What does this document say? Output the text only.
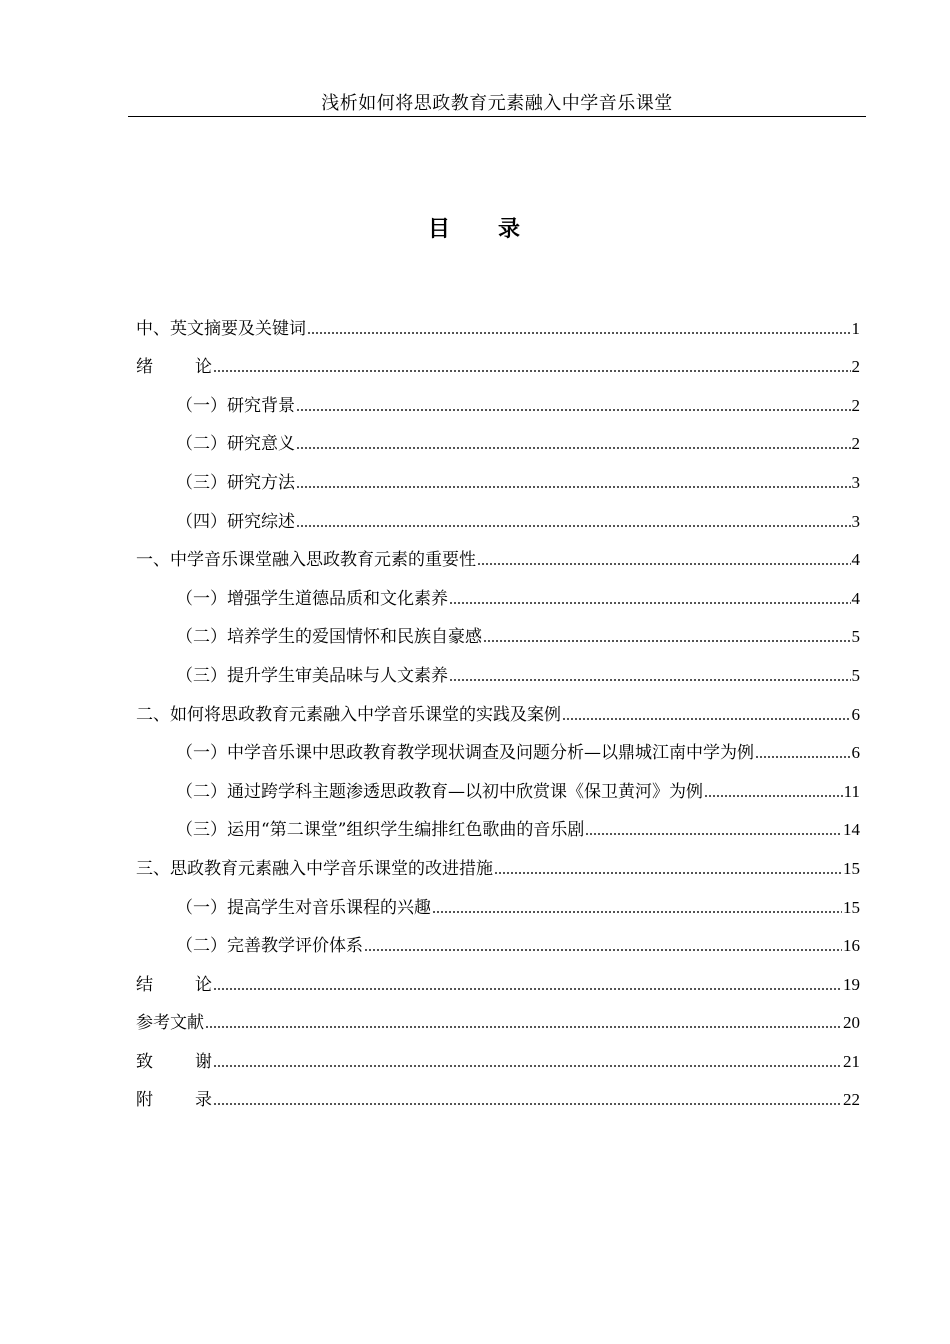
浅析如何将思政教育元素融入中学音乐课堂
目 录
中、英文摘要及关键词	1
绪 论	2
（一）研究背景	2
（二）研究意义	2
（三）研究方法	3
（四）研究综述	3
一、中学音乐课堂融入思政教育元素的重要性	4
（一）增强学生道德品质和文化素养	4
（二）培养学生的爱国情怀和民族自豪感	5
（三）提升学生审美品味与人文素养	5
二、如何将思政教育元素融入中学音乐课堂的实践及案例	6
（一）中学音乐课中思政教育教学现状调查及问题分析—以鼎城江南中学为例	6
（二）通过跨学科主题渗透思政教育—以初中欣赏课《保卫黄河》为例	11
（三）运用“第二课堂”组织学生编排红色歌曲的音乐剧	14
三、思政教育元素融入中学音乐课堂的改进措施	15
（一）提高学生对音乐课程的兴趣	15
（二）完善教学评价体系	16
结 论	19
参考文献	20
致 谢	21
附 录	22
